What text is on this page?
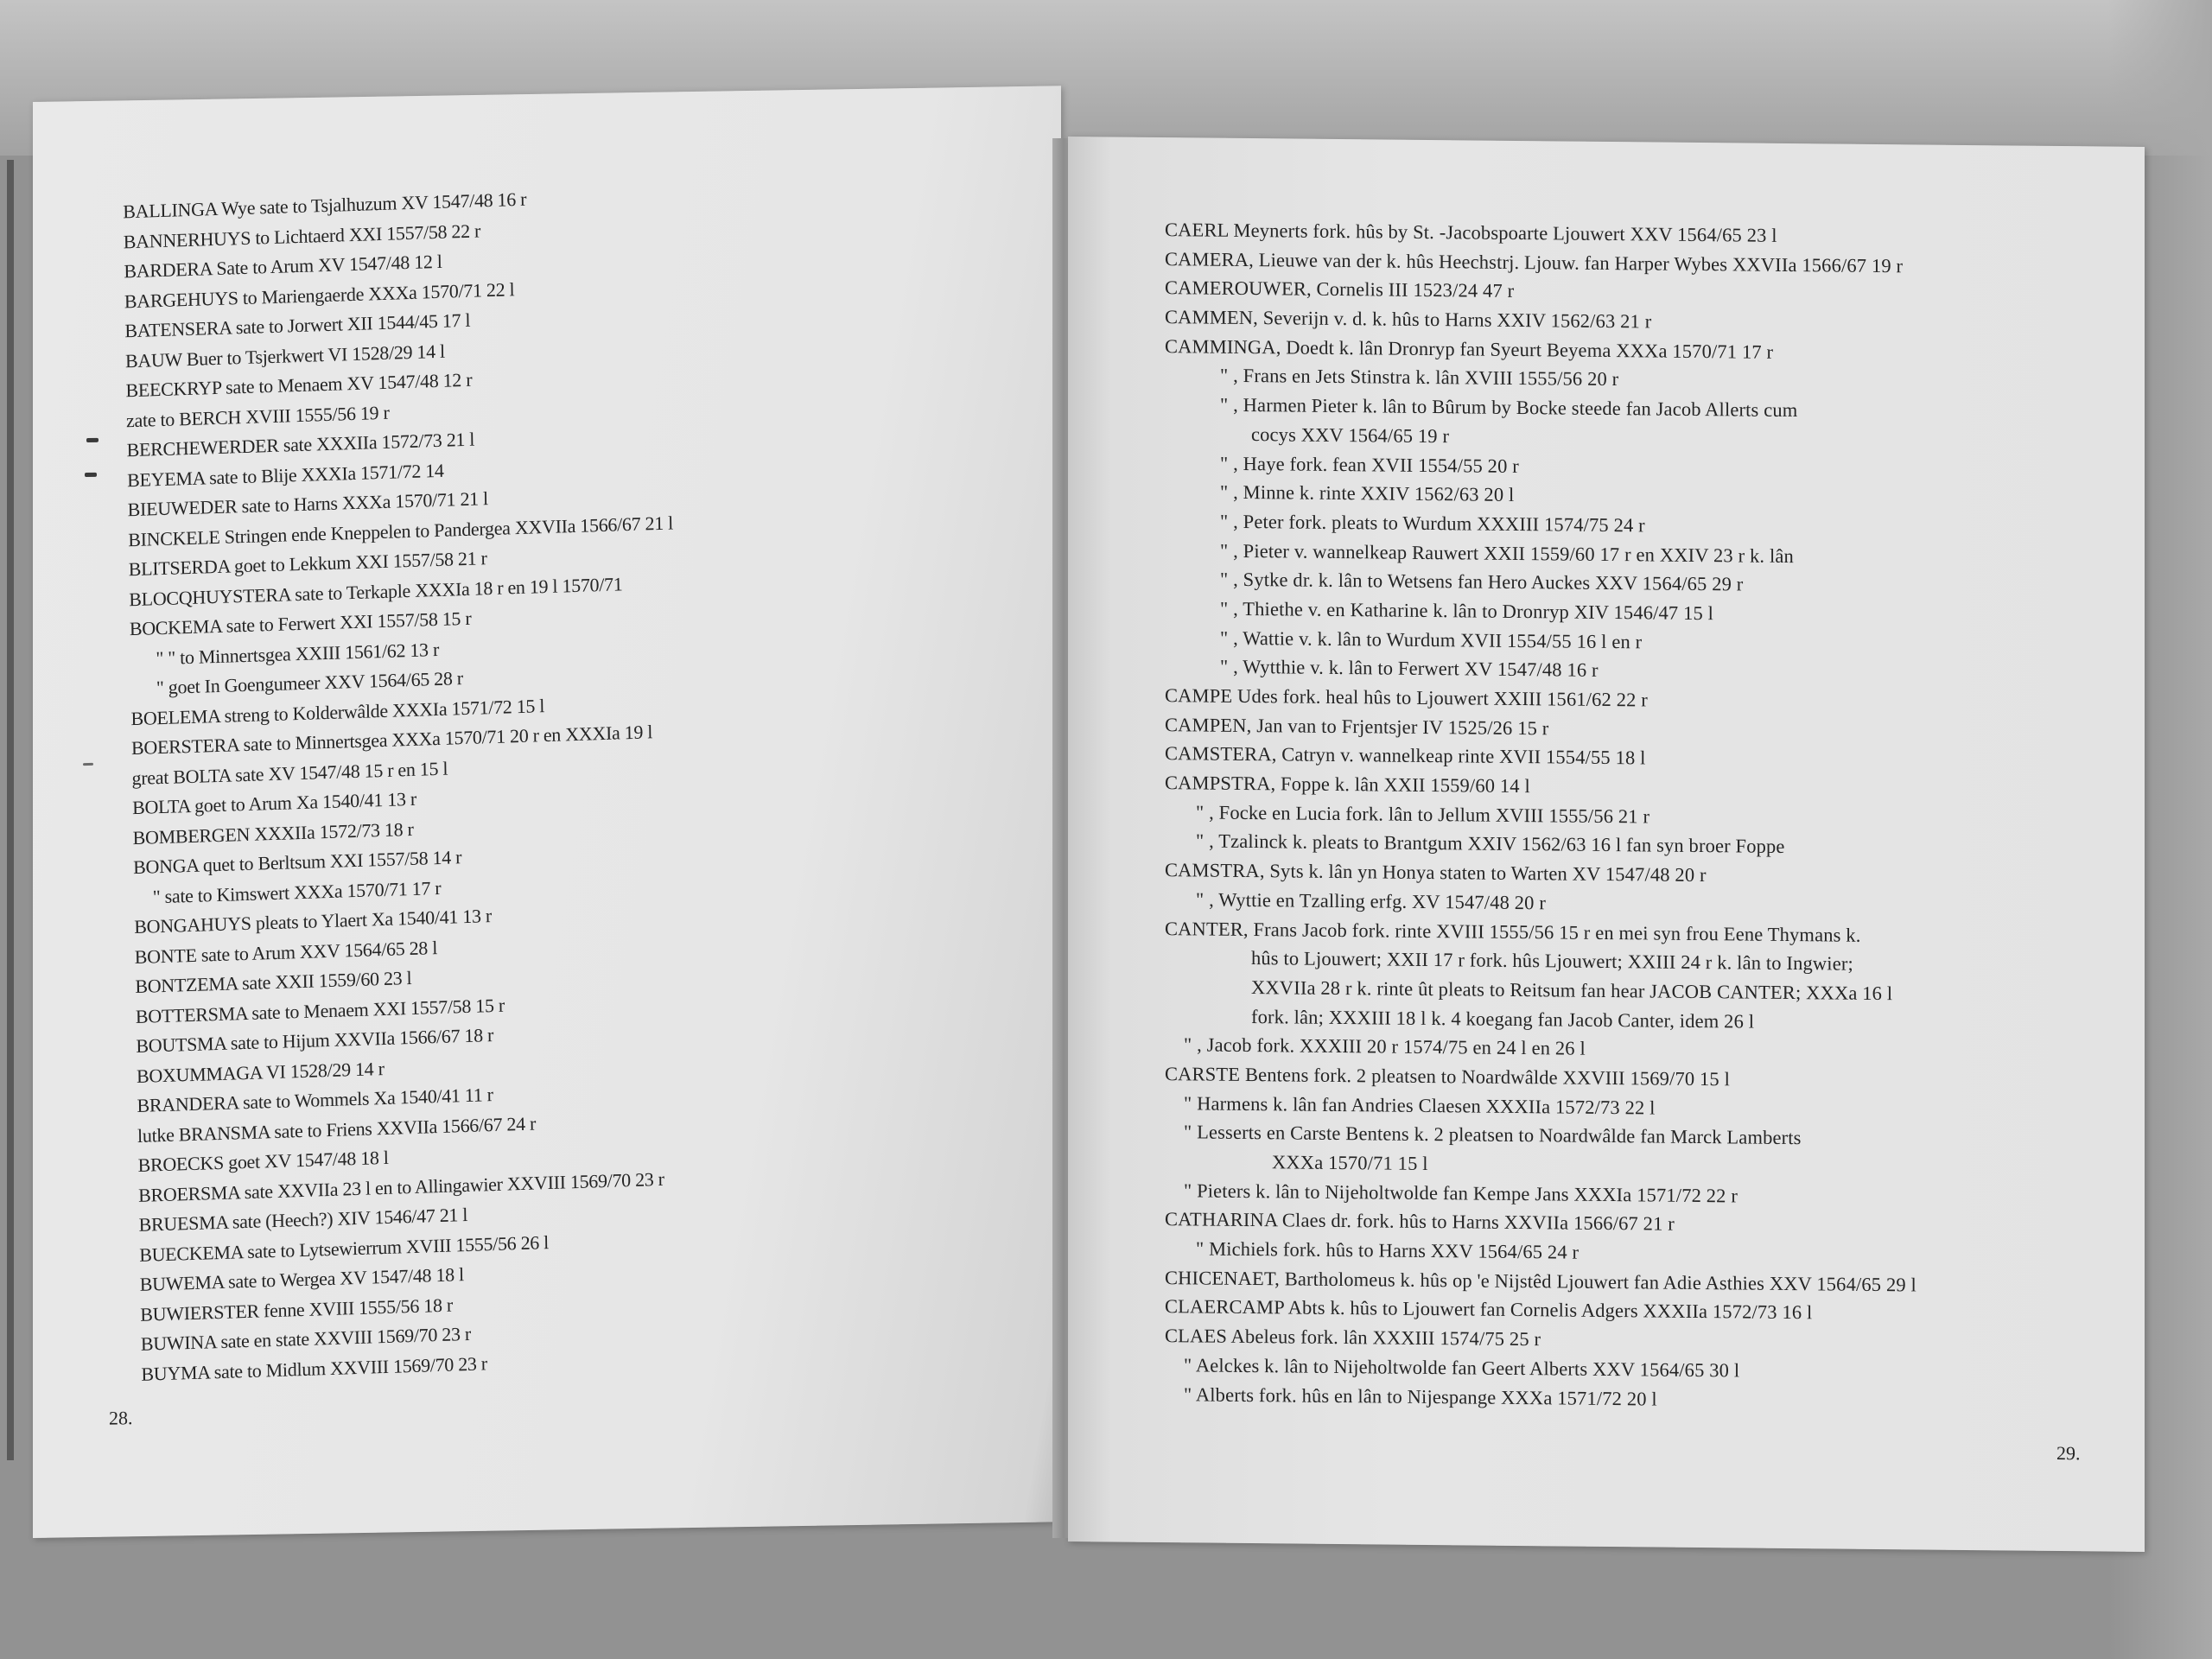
BALLINGA Wye sate to Tsjalhuzum XV 1547/48 16 r
BANNERHUYS to Lichtaerd XXI 1557/58 22 r
BARDERA Sate to Arum XV 1547/48 12 l
BARGEHUYS to Mariengaerde XXXa 1570/71 22 l
BATENSERA sate to Jorwert XII 1544/45 17 l
BAUW Buer to Tsjerkwert VI 1528/29 14 l
BEECKRYP sate to Menaem XV 1547/48 12 r
zate to BERCH XVIII 1555/56 19 r
BERCHEWERDER sate XXXIIa 1572/73 21 l
BEYEMA sate to Blije XXXIa 1571/72 14
BIEUWEDER sate to Harns XXXa 1570/71 21 l
BINCKELE Stringen ende Kneppelen to Pandergea XXVIIa 1566/67 21 l
BLITSERDA goet to Lekkum XXI 1557/58 21 r
BLOCQHUYSTERA sate to Terkaple XXXIa 18 r en 19 l 1570/71
BOCKEMA sate to Ferwert XXI 1557/58 15 r
" " to Minnertsgea XXIII 1561/62 13 r
" goet In Goengumeer XXV 1564/65 28 r
BOELEMA streng to Kolderwâlde XXXIa 1571/72 15 l
BOERSTERA sate to Minnertsgea XXXa 1570/71 20 r en XXXIa 19 l
great BOLTA sate XV 1547/48 15 r en 15 l
BOLTA goet to Arum Xa 1540/41 13 r
BOMBERGEN XXXIIa 1572/73 18 r
BONGA quet to Berltsum XXI 1557/58 14 r
" sate to Kimswert XXXa 1570/71 17 r
BONGAHUYS pleats to Ylaert Xa 1540/41 13 r
BONTE sate to Arum XXV 1564/65 28 l
BONTZEMA sate XXII 1559/60 23 l
BOTTERSMA sate to Menaem XXI 1557/58 15 r
BOUTSMA sate to Hijum XXVIIa 1566/67 18 r
BOXUMMAGA VI 1528/29 14 r
BRANDERA sate to Wommels Xa 1540/41 11 r
lutke BRANSMA sate to Friens XXVIIa 1566/67 24 r
BROECKS goet XV 1547/48 18 l
BROERSMA sate XXVIIa 23 l en to Allingawier XXVIII 1569/70 23 r
BRUESMA sate (Heech?) XIV 1546/47 21 l
BUECKEMA sate to Lytsewierrum XVIII 1555/56 26 l
BUWEMA sate to Wergea XV 1547/48 18 l
BUWIERSTER fenne XVIII 1555/56 18 r
BUWINA sate en state XXVIII 1569/70 23 r
BUYMA sate to Midlum XXVIII 1569/70 23 r
28.
CAERL Meynerts fork. hûs by St. -Jacobspoarte Ljouwert XXV 1564/65 23 l
CAMERA, Lieuwe van der k. hûs Heechstrj. Ljouw. fan Harper Wybes XXVIIa 1566/67 19 r
CAMEROUWER, Cornelis III 1523/24 47 r
CAMMEN, Severijn v. d. k. hûs to Harns XXIV 1562/63 21 r
CAMMINGA, Doedt k. lân Dronryp fan Syeurt Beyema XXXa 1570/71 17 r
" , Frans en Jets Stinstra k. lân XVIII 1555/56 20 r
" , Harmen Pieter k. lân to Bûrum by Bocke steede fan Jacob Allerts cum
cocys XXV 1564/65 19 r
" , Haye fork. fean XVII 1554/55 20 r
" , Minne k. rinte XXIV 1562/63 20 l
" , Peter fork. pleats to Wurdum XXXIII 1574/75 24 r
" , Pieter v. wannelkeap Rauwert XXII 1559/60 17 r en XXIV 23 r k. lân
" , Sytke dr. k. lân to Wetsens fan Hero Auckes XXV 1564/65 29 r
" , Thiethe v. en Katharine k. lân to Dronryp XIV 1546/47 15 l
" , Wattie v. k. lân to Wurdum XVII 1554/55 16 l en r
" , Wytthie v. k. lân to Ferwert XV 1547/48 16 r
CAMPE Udes fork. heal hûs to Ljouwert XXIII 1561/62 22 r
CAMPEN, Jan van to Frjentsjer IV 1525/26 15 r
CAMSTERA, Catryn v. wannelkeap rinte XVII 1554/55 18 l
CAMPSTRA, Foppe k. lân XXII 1559/60 14 l
" , Focke en Lucia fork. lân to Jellum XVIII 1555/56 21 r
" , Tzalinck k. pleats to Brantgum XXIV 1562/63 16 l fan syn broer Foppe
CAMSTRA, Syts k. lân yn Honya staten to Warten XV 1547/48 20 r
" , Wyttie en Tzalling erfg. XV 1547/48 20 r
CANTER, Frans Jacob fork. rinte XVIII 1555/56 15 r en mei syn frou Eene Thymans k.
hûs to Ljouwert; XXII 17 r fork. hûs Ljouwert; XXIII 24 r k. lân to Ingwier;
XXVIIa 28 r k. rinte ût pleats to Reitsum fan hear JACOB CANTER; XXXa 16 l
fork. lân; XXXIII 18 l k. 4 koegang fan Jacob Canter, idem 26 l
" , Jacob fork. XXXIII 20 r 1574/75 en 24 l en 26 l
CARSTE Bentens fork. 2 pleatsen to Noardwâlde XXVIII 1569/70 15 l
" Harmens k. lân fan Andries Claesen XXXIIa 1572/73 22 l
" Lesserts en Carste Bentens k. 2 pleatsen to Noardwâlde fan Marck Lamberts
XXXa 1570/71 15 l
" Pieters k. lân to Nijeholtwolde fan Kempe Jans XXXIa 1571/72 22 r
CATHARINA Claes dr. fork. hûs to Harns XXVIIa 1566/67 21 r
" Michiels fork. hûs to Harns XXV 1564/65 24 r
CHICENAET, Bartholomeus k. hûs op 'e Nijstêd Ljouwert fan Adie Asthies XXV 1564/65 29 l
CLAERCAMP Abts k. hûs to Ljouwert fan Cornelis Adgers XXXIIa 1572/73 16 l
CLAES Abeleus fork. lân XXXIII 1574/75 25 r
" Aelckes k. lân to Nijeholtwolde fan Geert Alberts XXV 1564/65 30 l
" Alberts fork. hûs en lân to Nijespange XXXa 1571/72 20 l
29.
